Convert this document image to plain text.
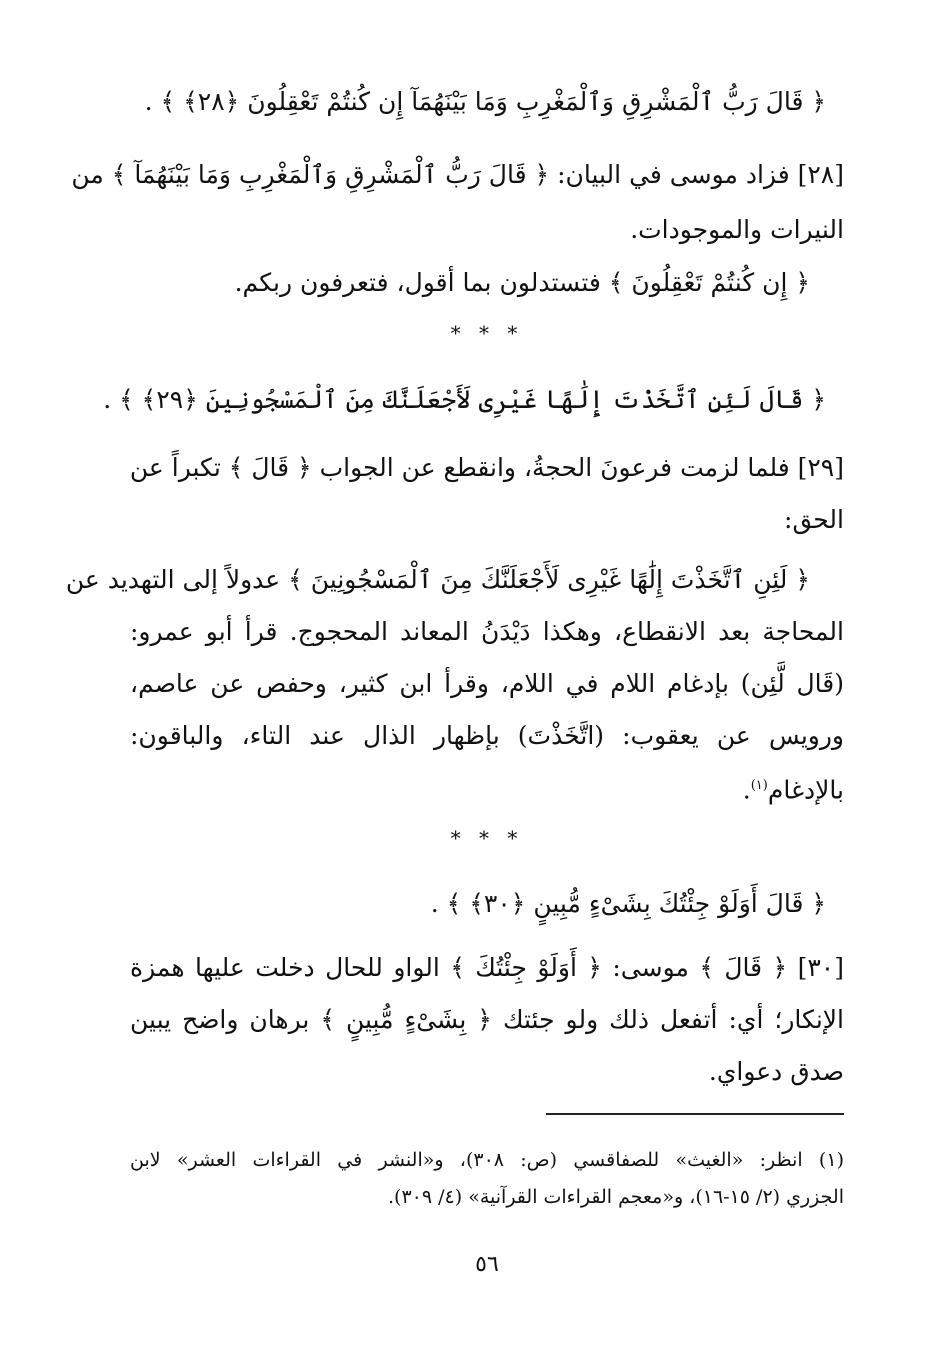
﴿ قَالَ رَبُّ ٱلْمَشْرِقِ وَٱلْمَغْرِبِ وَمَا بَيْنَهُمَآ إِن كُنتُمْ تَعْقِلُونَ ﴿٢٨﴾ ﴾ .
[٢٨] فزاد موسى في البيان: ﴿ قَالَ رَبُّ ٱلْمَشْرِقِ وَٱلْمَغْرِبِ وَمَا بَيْنَهُمَآ ﴾ من
النيرات والموجودات.
﴿ إِن كُنتُمْ تَعْقِلُونَ ﴾ فتستدلون بما أقول، فتعرفون ربكم.
* * *
﴿ قَالَ لَئِنِ ٱتَّخَذْتَ إِلَٰهًا غَيْرِى لَأَجْعَلَنَّكَ مِنَ ٱلْمَسْجُونِينَ ﴿٢٩﴾ ﴾ .
[٢٩] فلما لزمت فرعونَ الحجةُ، وانقطع عن الجواب ﴿ قَالَ ﴾ تكبراً عن
الحق:
﴿ لَئِنِ ٱتَّخَذْتَ إِلَٰهًا غَيْرِى لَأَجْعَلَنَّكَ مِنَ ٱلْمَسْجُونِينَ ﴾ عدولاً إلى التهديد عن
المحاجة بعد الانقطاع، وهكذا دَيْدَنُ المعاند المحجوج. قرأ أبو عمرو:
(قَال لَّئِن) بإدغام اللام في اللام، وقرأ ابن كثير، وحفص عن عاصم،
ورويس عن يعقوب: (اتَّخَذْتَ) بإظهار الذال عند التاء، والباقون:
بالإدغام$^{(١)}$.
* * *
﴿ قَالَ أَوَلَوْ جِئْتُكَ بِشَىْءٍ مُّبِينٍ ﴿٣٠﴾ ﴾ .
[٣٠] ﴿ قَالَ ﴾ موسى: ﴿ أَوَلَوْ جِئْتُكَ ﴾ الواو للحال دخلت عليها همزة
الإنكار؛ أي: أتفعل ذلك ولو جئتك ﴿ بِشَىْءٍ مُّبِينٍ ﴾ برهان واضح يبين
صدق دعواي.
(١) انظر: «الغيث» للصفاقسي (ص: ٣٠٨)، و«النشر في القراءات العشر» لابن
الجزري (٢/ ١٥-١٦)، و«معجم القراءات القرآنية» (٤/ ٣٠٩).
٥٦
